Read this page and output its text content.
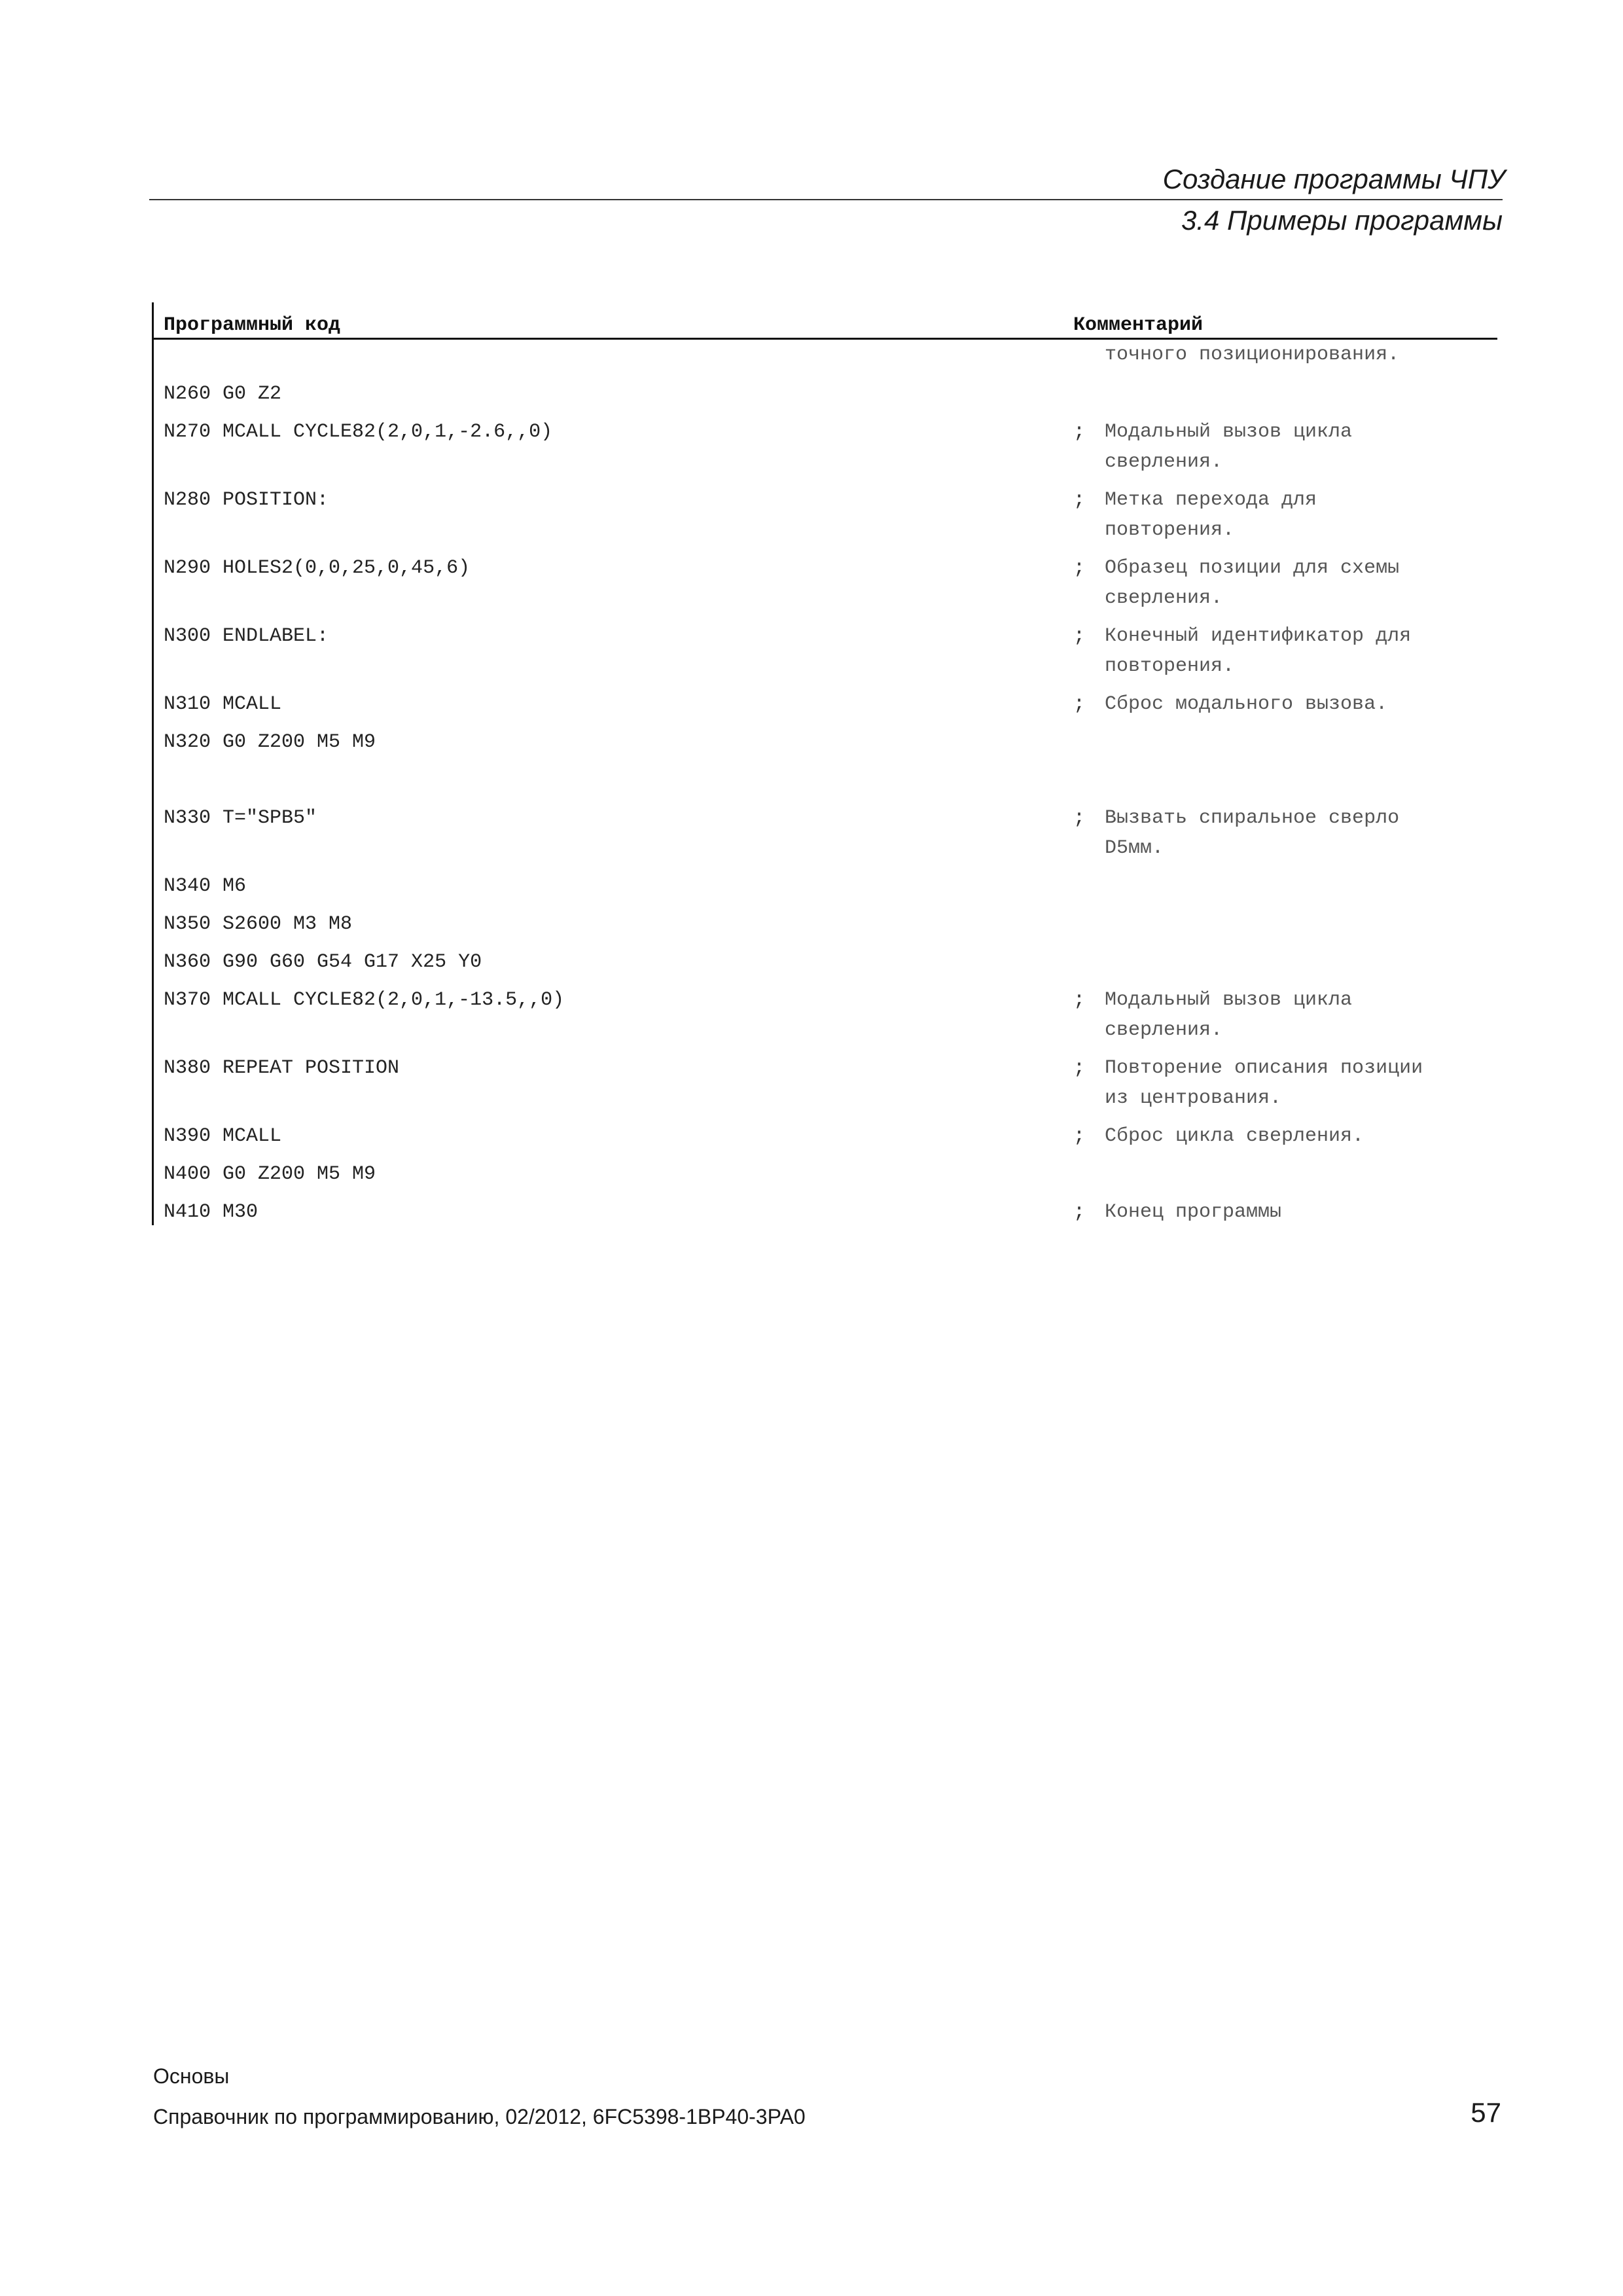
Создание программы ЧПУ
3.4 Примеры программы
Программный код	Комментарий
точного позиционирования.
N260 G0 Z2
N270 MCALL CYCLE82(2,0,1,-2.6,,0)	; Модальный вызов цикла
сверления.
N280 POSITION:	; Метка перехода для
повторения.
N290 HOLES2(0,0,25,0,45,6)	; Образец позиции для схемы
сверления.
N300 ENDLABEL:	; Конечный идентификатор для
повторения.
N310 MCALL	; Сброс модального вызова.
N320 G0 Z200 M5 M9
N330 T="SPB5"	; Вызвать спиральное сверло
D5мм.
N340 M6
N350 S2600 M3 M8
N360 G90 G60 G54 G17 X25 Y0
N370 MCALL CYCLE82(2,0,1,-13.5,,0)	; Модальный вызов цикла
сверления.
N380 REPEAT POSITION	; Повторение описания позиции
из центрования.
N390 MCALL	; Сброс цикла сверления.
N400 G0 Z200 M5 M9
N410 M30	; Конец программы
Основы
Справочник по программированию, 02/2012, 6FC5398-1BP40-3PA0	57
